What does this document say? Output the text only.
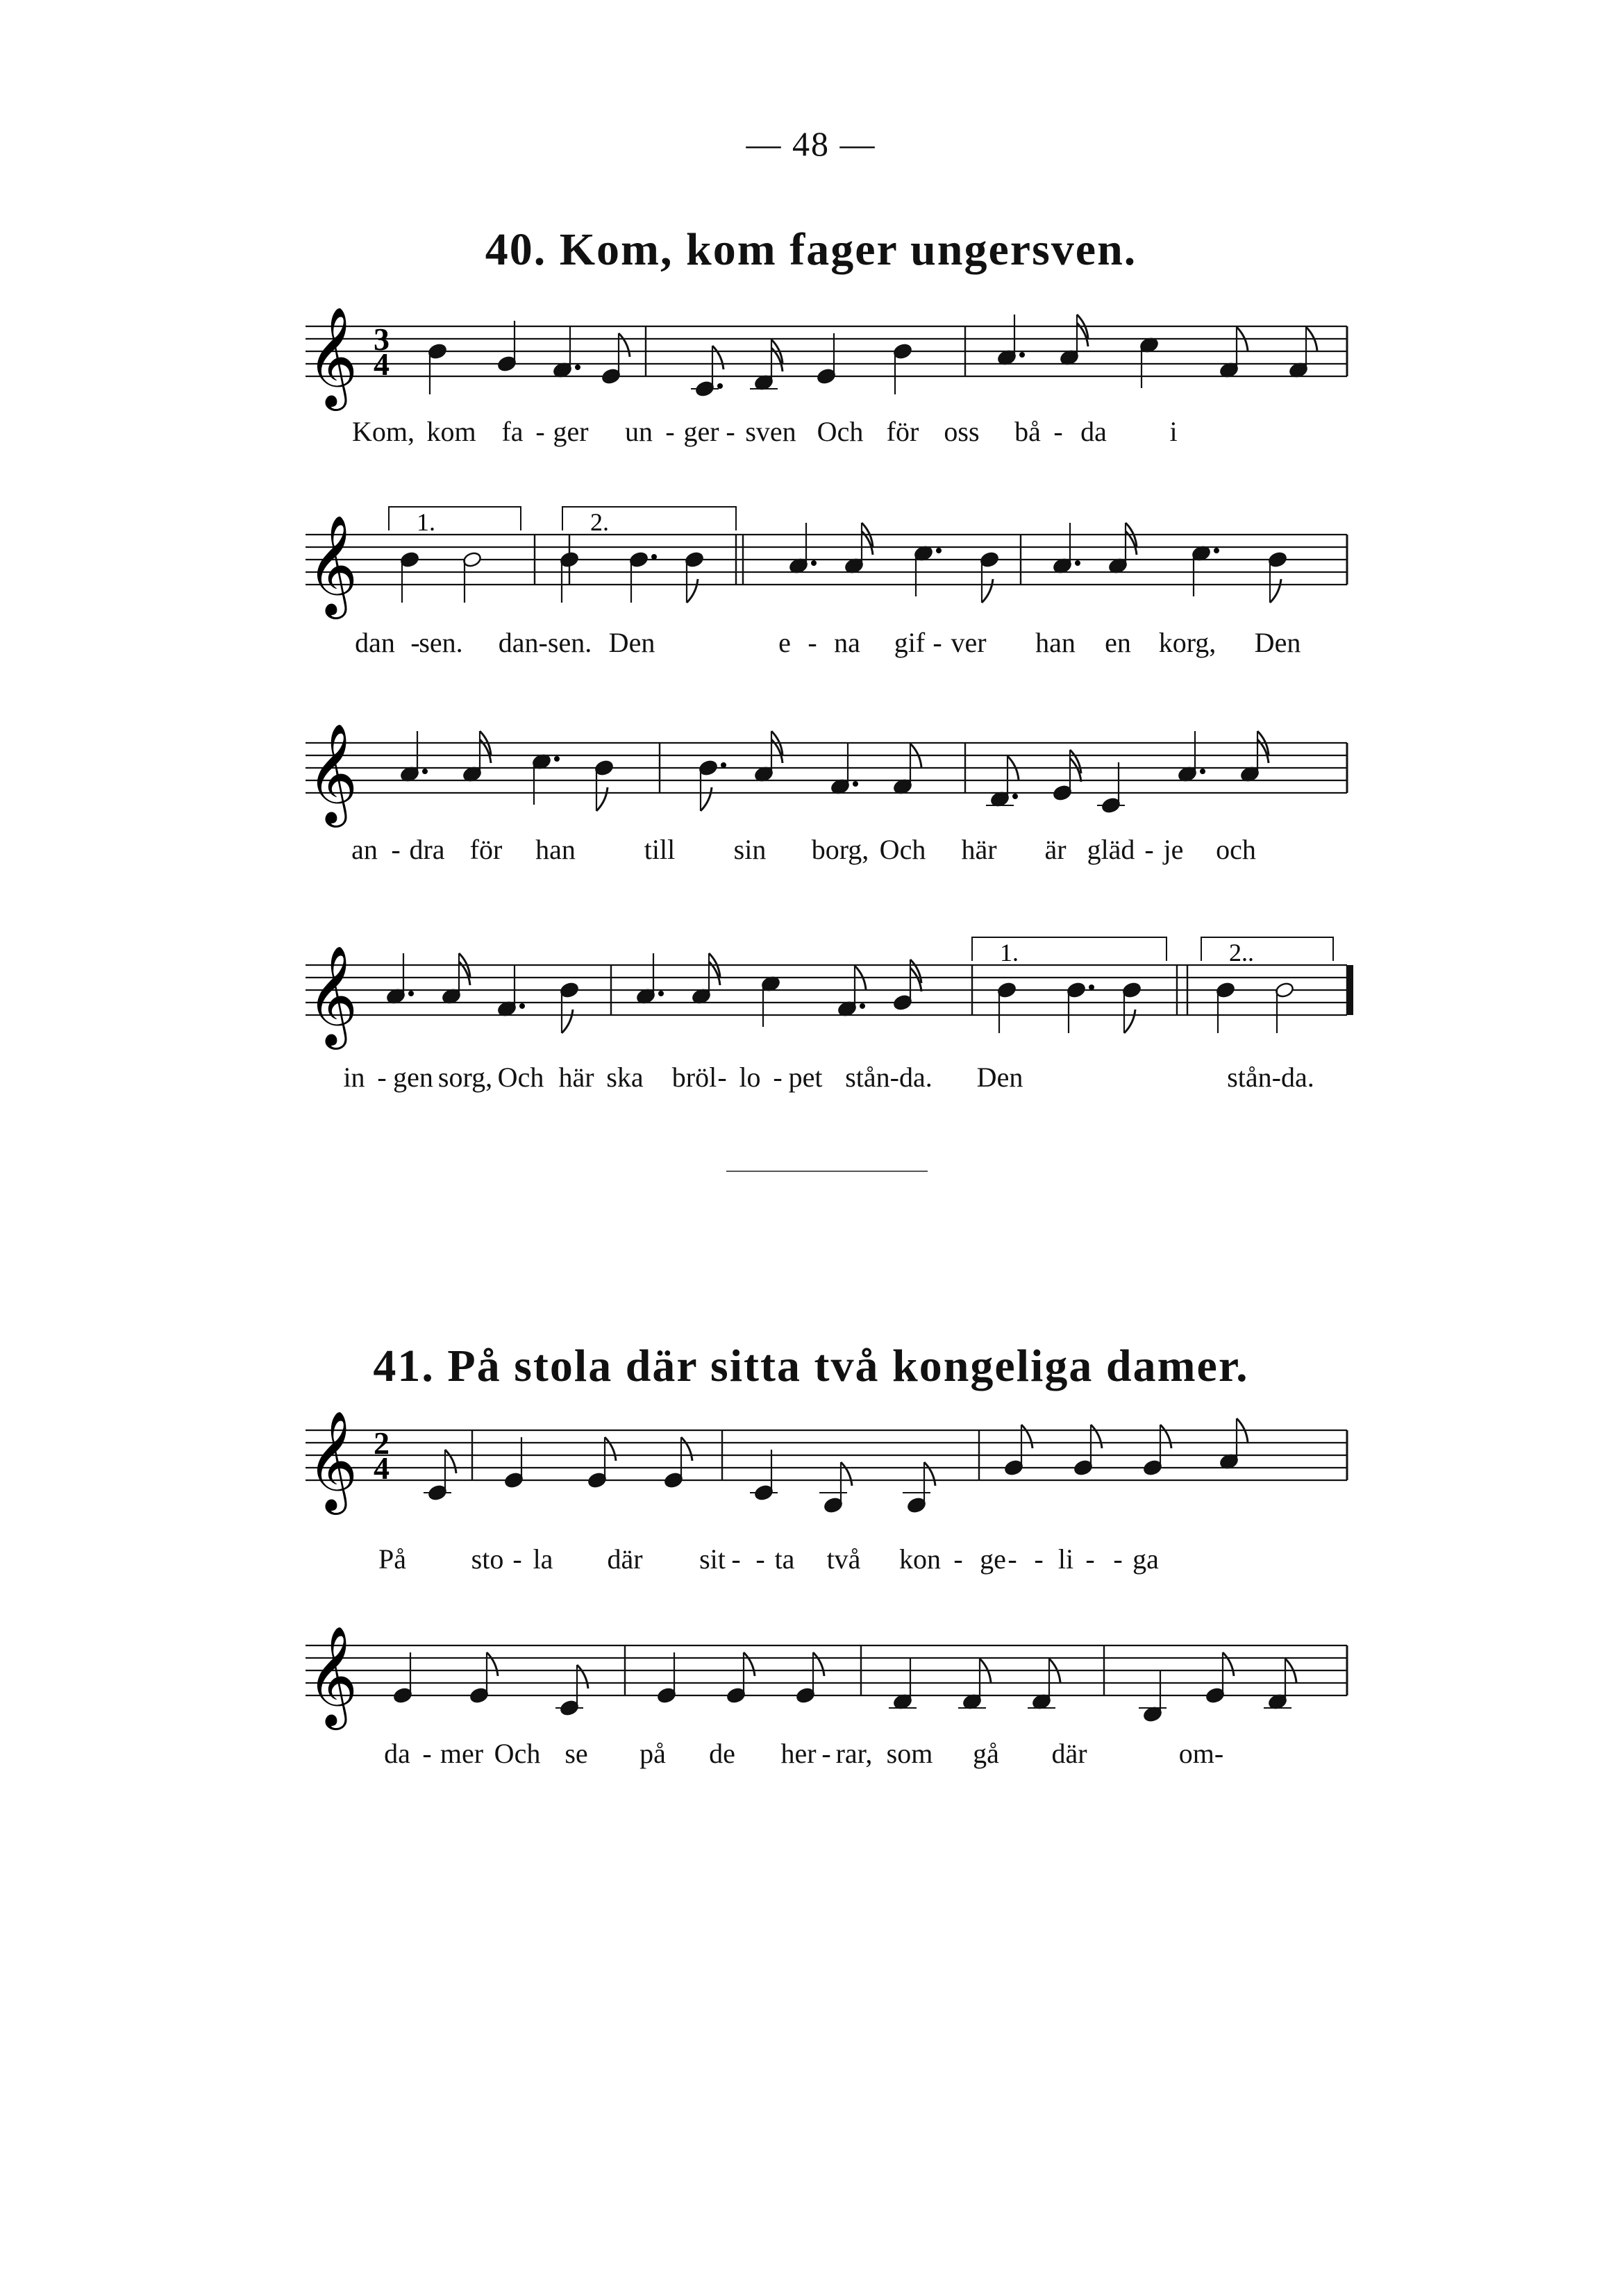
— 48 —
40. Kom, kom fager ungersven.
𝄞 3
4
Kom, kom fa - ger un - ger - sven Och för oss bå - da i
𝄞 1.	2.
dan -
sen. dan-sen. Den	e - na gif - ver han en korg, Den
𝄞
an - dra för han till sin borg, Och här är gläd - je och
𝄞	1.	2..
in - gen sorg, Och här ska bröl - lo - pet stån-da. Den	stån-da.
41. På stola där sitta två kongeliga damer.
𝄞 2
4
På sto - la där sit - - ta två kon - ge - - li - - ga
𝄞
da - mer Och se på de her - rar, som gå där	om-
